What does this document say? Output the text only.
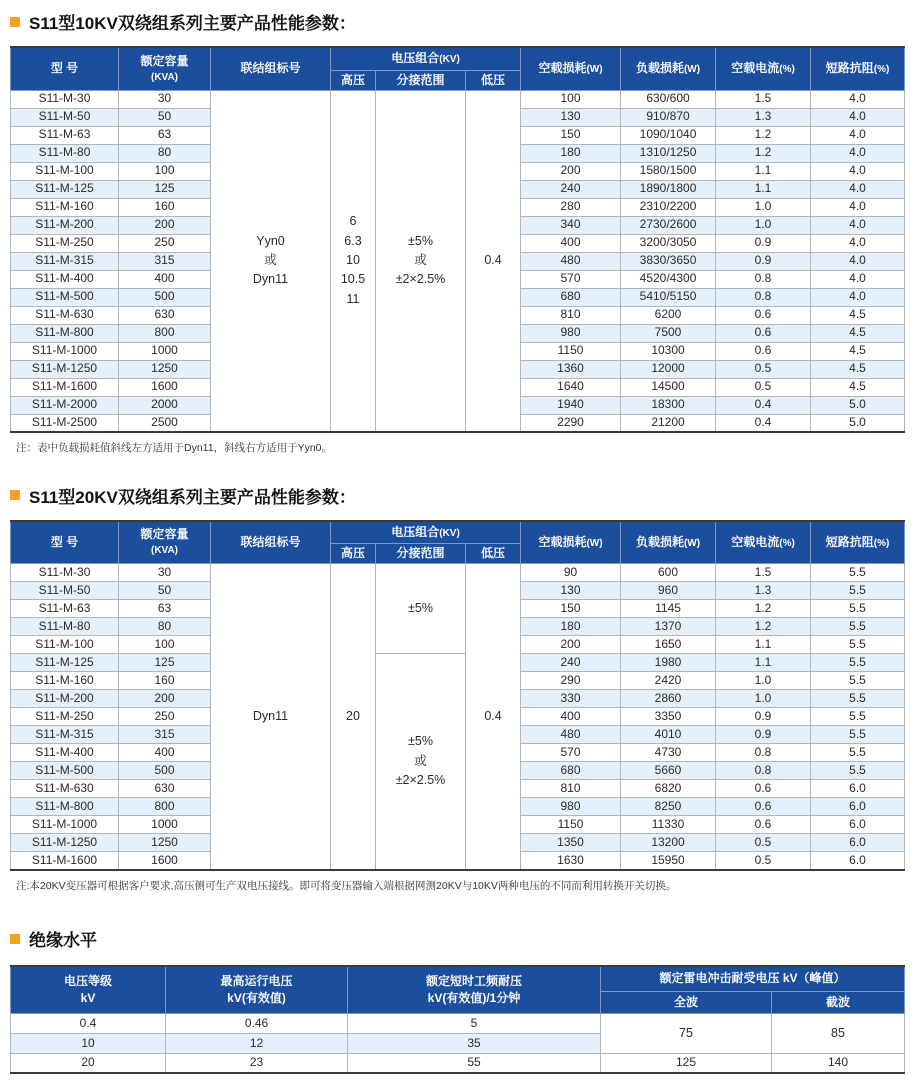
S11型10KV双绕组系列主要产品性能参数：
型 号	额定容量
(KVA)	联结组标号	电压组合(KV)			空载损耗(W)	负载损耗(W)	空载电流(%)	短路抗阻(%)
			高压	分接范围	低压				
S11-M-30	30	Yyn0
或
Dyn11	6
6.3
10
10.5
11	±5%
或
±2×2.5%	0.4	100	630/600	1.5	4.0
S11-M-50	50					130	910/870	1.3	4.0
S11-M-63	63					150	1090/1040	1.2	4.0
S11-M-80	80					180	1310/1250	1.2	4.0
S11-M-100	100					200	1580/1500	1.1	4.0
S11-M-125	125					240	1890/1800	1.1	4.0
S11-M-160	160					280	2310/2200	1.0	4.0
S11-M-200	200					340	2730/2600	1.0	4.0
S11-M-250	250					400	3200/3050	0.9	4.0
S11-M-315	315					480	3830/3650	0.9	4.0
S11-M-400	400					570	4520/4300	0.8	4.0
S11-M-500	500					680	5410/5150	0.8	4.0
S11-M-630	630					810	6200	0.6	4.5
S11-M-800	800					980	7500	0.6	4.5
S11-M-1000	1000					1150	10300	0.6	4.5
S11-M-1250	1250					1360	12000	0.5	4.5
S11-M-1600	1600					1640	14500	0.5	4.5
S11-M-2000	2000					1940	18300	0.4	5.0
S11-M-2500	2500					2290	21200	0.4	5.0

注：表中负载损耗值斜线左方适用于Dyn11，斜线右方适用于Yyn0。

S11型20KV双绕组系列主要产品性能参数：
型 号	额定容量
(KVA)	联结组标号	电压组合(KV)			空载损耗(W)	负载损耗(W)	空载电流(%)	短路抗阻(%)
			高压	分接范围	低压				
S11-M-30	30	Dyn11	20	±5%	0.4	90	600	1.5	5.5
S11-M-50	50					130	960	1.3	5.5
S11-M-63	63					150	1145	1.2	5.5
S11-M-80	80					180	1370	1.2	5.5
S11-M-100	100					200	1650	1.1	5.5
S11-M-125	125			±5%
或
±2×2.5%		240	1980	1.1	5.5
S11-M-160	160					290	2420	1.0	5.5
S11-M-200	200					330	2860	1.0	5.5
S11-M-250	250					400	3350	0.9	5.5
S11-M-315	315					480	4010	0.9	5.5
S11-M-400	400					570	4730	0.8	5.5
S11-M-500	500					680	5660	0.8	5.5
S11-M-630	630					810	6820	0.6	6.0
S11-M-800	800					980	8250	0.6	6.0
S11-M-1000	1000					1150	11330	0.6	6.0
S11-M-1250	1250					1350	13200	0.5	6.0
S11-M-1600	1600					1630	15950	0.5	6.0

注:本20KV变压器可根据客户要求,高压侧可生产双电压接线。即可将变压器输入端根据网测20KV与10KV两种电压的不同而利用转换开关切换。

绝缘水平
电压等级
kV	最高运行电压
kV(有效值)	额定短时工频耐压
kV(有效值)/1分钟	额定雷电冲击耐受电压 kV（峰值）	
			全波	截波
0.4	0.46	5	75	85
10	12	35		
20	23	55	125	140
